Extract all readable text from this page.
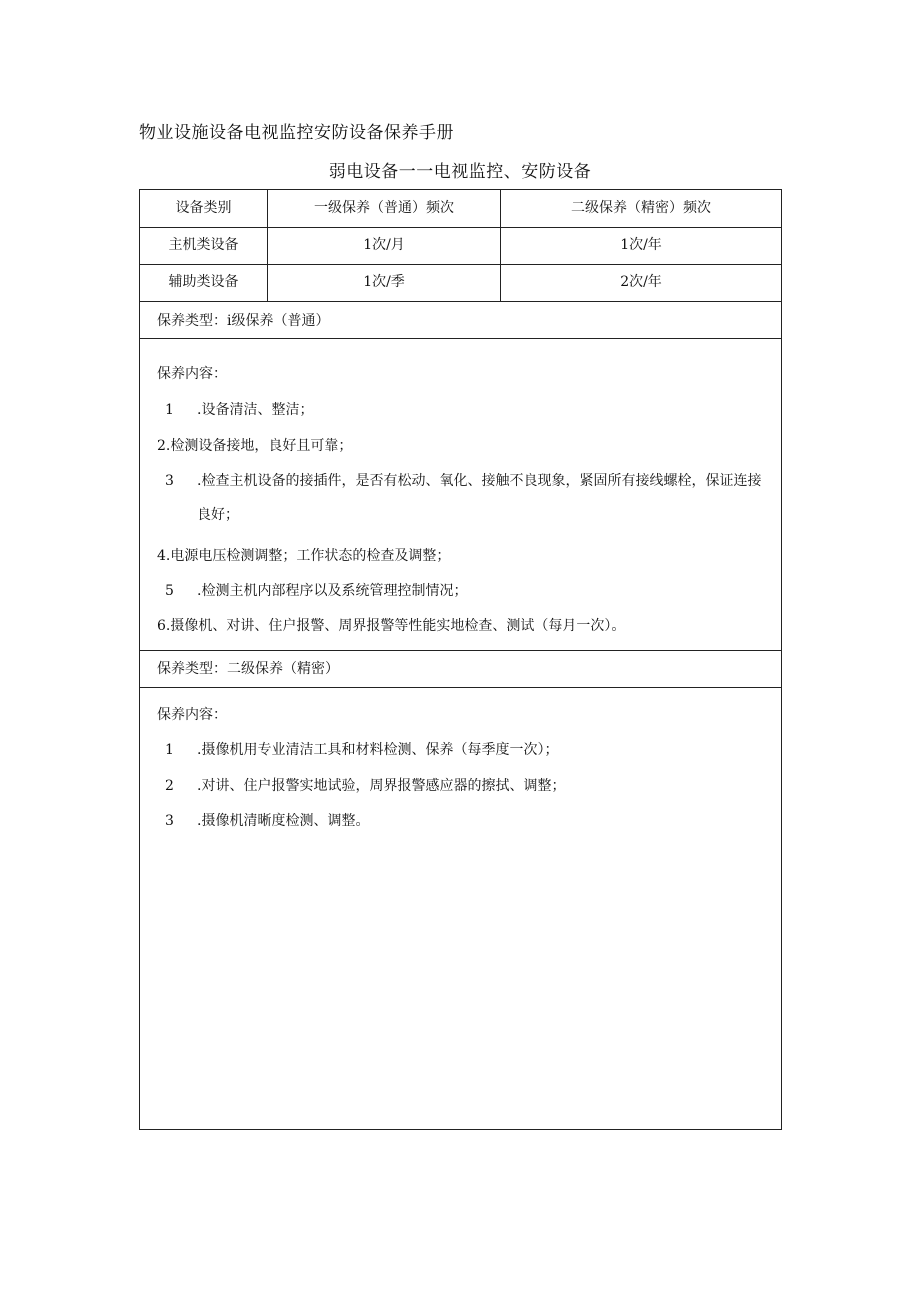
物业设施设备电视监控安防设备保养手册
弱电设备一一电视监控、安防设备
设备类别	一级保养（普通）频次	二级保养（精密）频次
主机类设备	1次/月	1次/年
辅助类设备	1次/季	2次/年
保养类型：i级保养（普通）
保养内容：
1	.设备清洁、整洁；
2.检测设备接地，良好且可靠；
3	.检查主机设备的接插件，是否有松动、氧化、接触不良现象，紧固所有接线螺栓，保证连接良好；
4.电源电压检测调整；工作状态的检查及调整；
5	.检测主机内部程序以及系统管理控制情况；
6.摄像机、对讲、住户报警、周界报警等性能实地检查、测试（每月一次）。
保养类型：二级保养（精密）
保养内容：
1	.摄像机用专业清洁工具和材料检测、保养（每季度一次）；
2	.对讲、住户报警实地试验，周界报警感应器的擦拭、调整；
3	.摄像机清晰度检测、调整。
